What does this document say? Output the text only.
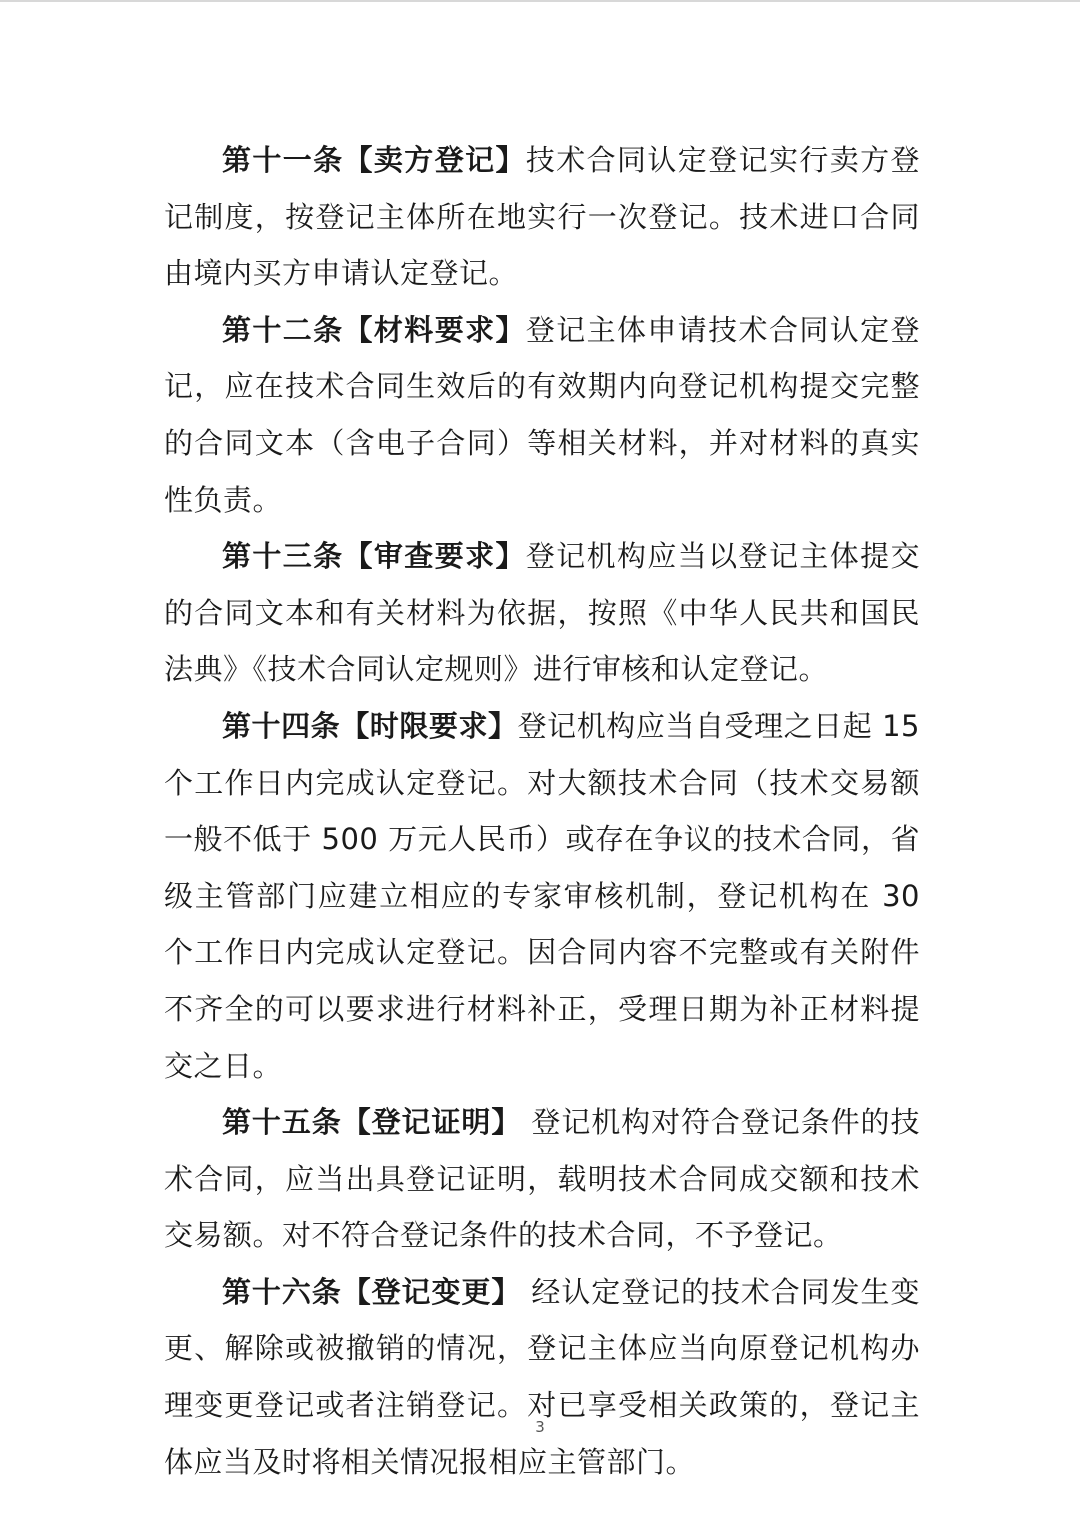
第十一条【卖方登记】技术合同认定登记实行卖方登记制度，按登记主体所在地实行一次登记。技术进口合同由境内买方申请认定登记。

第十二条【材料要求】登记主体申请技术合同认定登记，应在技术合同生效后的有效期内向登记机构提交完整的合同文本（含电子合同）等相关材料，并对材料的真实性负责。

第十三条【审查要求】登记机构应当以登记主体提交的合同文本和有关材料为依据，按照《中华人民共和国民法典》《技术合同认定规则》进行审核和认定登记。

第十四条【时限要求】登记机构应当自受理之日起 15 个工作日内完成认定登记。对大额技术合同（技术交易额一般不低于 500 万元人民币）或存在争议的技术合同，省级主管部门应建立相应的专家审核机制，登记机构在 30 个工作日内完成认定登记。因合同内容不完整或有关附件不齐全的可以要求进行材料补正，受理日期为补正材料提交之日。

第十五条【登记证明】 登记机构对符合登记条件的技术合同，应当出具登记证明，载明技术合同成交额和技术交易额。对不符合登记条件的技术合同，不予登记。

第十六条【登记变更】 经认定登记的技术合同发生变更、解除或被撤销的情况，登记主体应当向原登记机构办理变更登记或者注销登记。对已享受相关政策的，登记主体应当及时将相关情况报相应主管部门。

3
